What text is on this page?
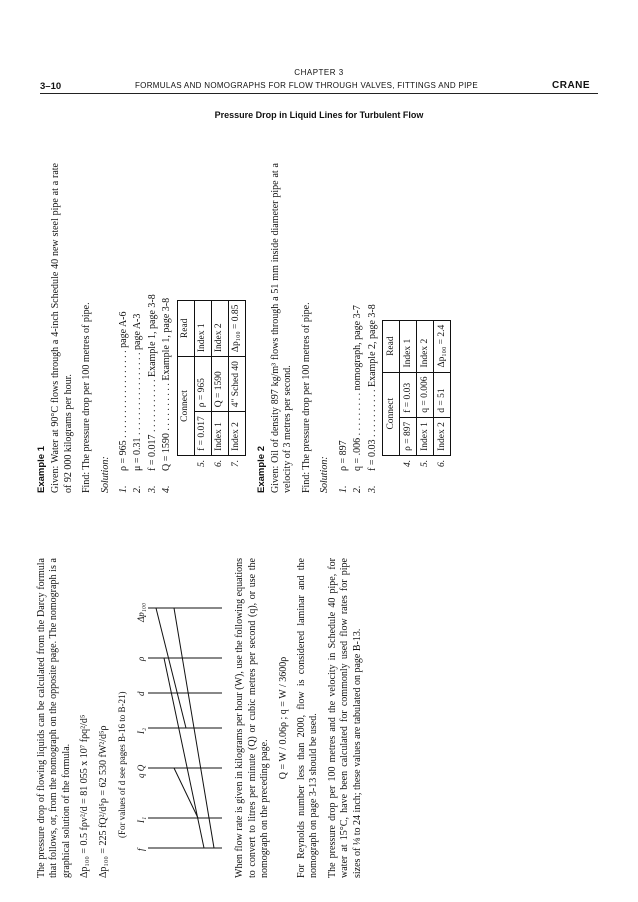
CHAPTER 3
3–10	FORMULAS AND NOMOGRAPHS FOR FLOW THROUGH VALVES, FITTINGS AND PIPE	CRANE
Pressure Drop in Liquid Lines for Turbulent Flow

The pressure drop of flowing liquids can be calculated from the Darcy formula that follows, or, from the nomograph on the opposite page. The nomograph is a graphical solution of the formula. Δp₁₀₀ = 0.5 fρv²/d = 81 055 x 10⁷ fρq²/d⁵ Δp₁₀₀ = 225 fQ²/d⁵ρ = 62 530 fW²/d⁵ρ (For values of d see pages B-16 to B-21)
f
I₁
q Q
I₂
d
ρ
Δp₁₀₀	When flow rate is given in kilograms per hour (W), use the following equations to convert to litres per minute (Q) or cubic metres per second (q), or use the nomograph on the preceding page.

Q = W / 0.06ρ ; q = W / 3600ρ For Reynolds number less than 2000, flow is considered laminar and the nomograph on page 3-13 should be used. The pressure drop per 100 metres and the velocity in Schedule 40 pipe, for water at 15°C, have been calculated for commonly used flow rates for pipe sizes of ⅛ to 24 inch; these values are tabulated on page B-13.

Example 1 Given: Water at 90°C flows through a 4-inch Schedule 40 new steel pipe at a rate of 92 000 kilograms per hour. Find: The pressure drop per 100 metres of pipe. Solution: 1.
ρ = 965 . . . . . . . . . . . . . . . . . . page A-6
2.
μ = 0.31 . . . . . . . . . . . . . . . . . page A-3
3.
f = 0.017 . . . . . . . . . . . Example 1, page 3-8
4.
Q = 1590 . . . . . . . . . . Example 1, page 3-8
	Connect		Read
5.	f = 0.017	ρ = 965	Index 1
6.	Index 1	Q = 1590	Index 2
7.	Index 2	4" Sched 40	Δp₁₀₀ = 0.85
Example 2 Given: Oil of density 897 kg/m³ flows through a 51 mm inside diameter pipe at a velocity of 3 metres per second. Find: The pressure drop per 100 metres of pipe. Solution: 1.
ρ = 897
2.
q = .006 . . . . . . . . . nomograph, page 3-7
3.
f = 0.03 . . . . . . . . . . Example 2, page 3-8
	Connect		Read
4.	ρ = 897	f = 0.03	Index 1
5.	Index 1	q = 0.006	Index 2
6.	Index 2	d = 51	Δp₁₀₀ = 2.4
